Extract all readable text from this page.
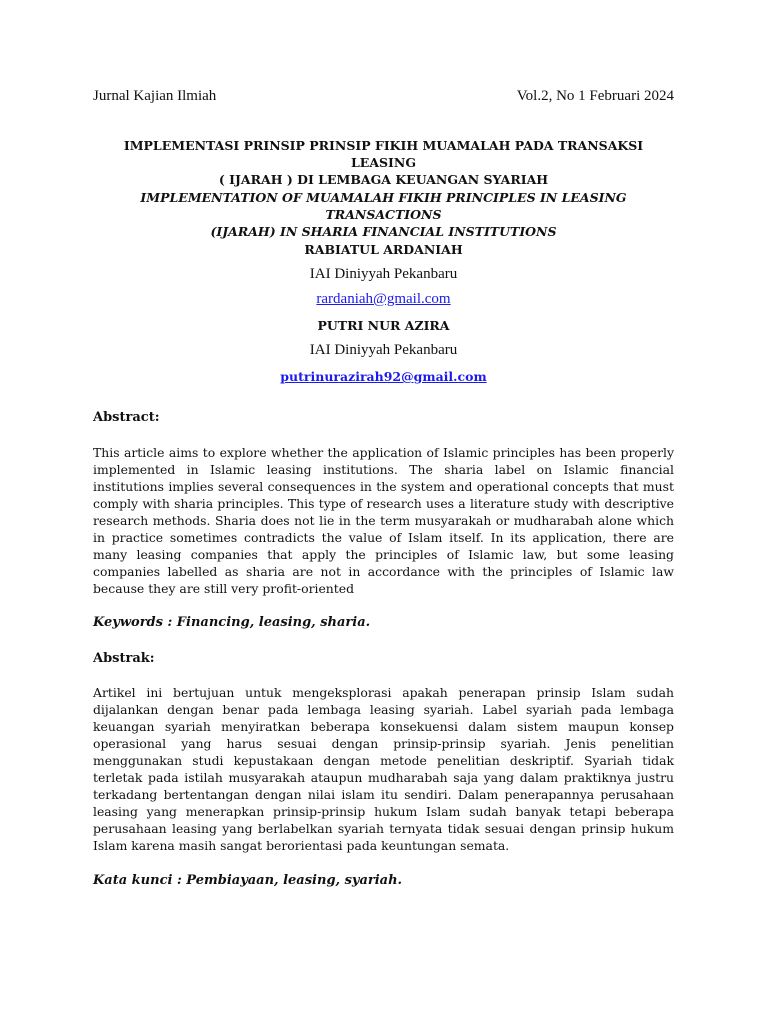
Jurnal Kajian Ilmiah	Vol.2, No 1 Februari 2024
IMPLEMENTASI PRINSIP PRINSIP FIKIH MUAMALAH PADA TRANSAKSI LEASING
( IJARAH ) DI LEMBAGA KEUANGAN SYARIAH
IMPLEMENTATION OF MUAMALAH FIKIH PRINCIPLES IN LEASING TRANSACTIONS
(IJARAH) IN SHARIA FINANCIAL INSTITUTIONS
RABIATUL ARDANIAH
IAI Diniyyah Pekanbaru
rardaniah@gmail.com
PUTRI NUR AZIRA
IAI Diniyyah Pekanbaru
putrinurazirah92@gmail.com
Abstract:

This article aims to explore whether the application of Islamic principles has been properly implemented in Islamic leasing institutions. The sharia label on Islamic financial institutions implies several consequences in the system and operational concepts that must comply with sharia principles. This type of research uses a literature study with descriptive research methods. Sharia does not lie in the term musyarakah or mudharabah alone which in practice sometimes contradicts the value of Islam itself. In its application, there are many leasing companies that apply the principles of Islamic law, but some leasing companies labelled as sharia are not in accordance with the principles of Islamic law because they are still very profit-oriented

Keywords : Financing, leasing, sharia.
Abstrak:

Artikel ini bertujuan untuk mengeksplorasi apakah penerapan prinsip Islam sudah dijalankan dengan benar pada lembaga leasing syariah. Label syariah pada lembaga keuangan syariah menyiratkan beberapa konsekuensi dalam sistem maupun konsep operasional yang harus sesuai dengan prinsip-prinsip syariah. Jenis penelitian menggunakan studi kepustakaan dengan metode penelitian deskriptif. Syariah tidak terletak pada istilah musyarakah ataupun mudharabah saja yang dalam praktiknya justru terkadang bertentangan dengan nilai islam itu sendiri. Dalam penerapannya perusahaan leasing yang menerapkan prinsip-prinsip hukum Islam sudah banyak tetapi beberapa perusahaan leasing yang berlabelkan syariah ternyata tidak sesuai dengan prinsip hukum Islam karena masih sangat berorientasi pada keuntungan semata.

Kata kunci : Pembiayaan, leasing, syariah.
